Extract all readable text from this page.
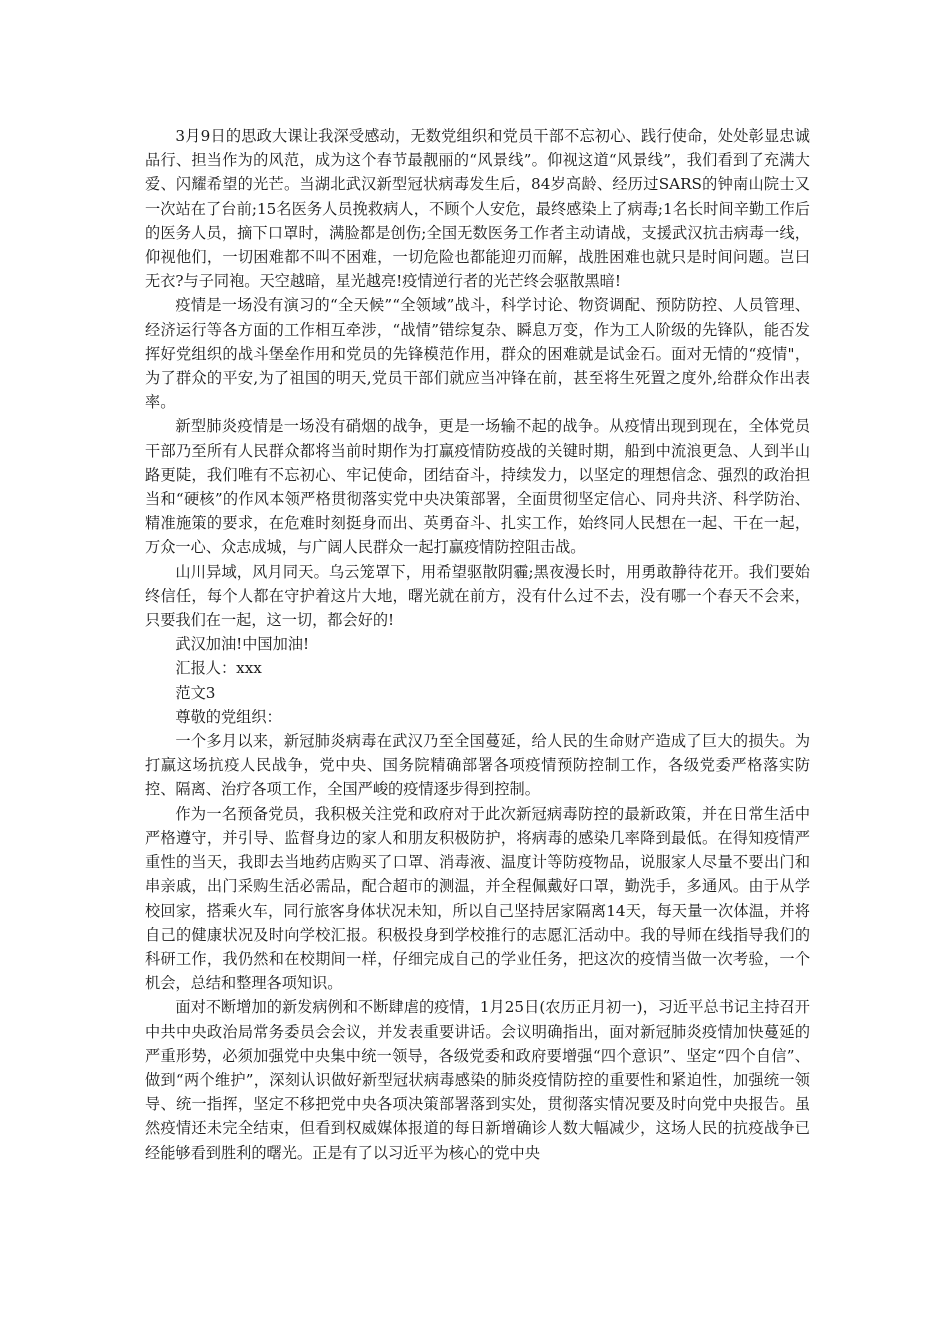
3月9日的思政大课让我深受感动，无数党组织和党员干部不忘初心、践行使命，处处彰显忠诚品行、担当作为的风范，成为这个春节最靓丽的“风景线”。仰视这道“风景线”，我们看到了充满大爱、闪耀希望的光芒。当湖北武汉新型冠状病毒发生后，84岁高龄、经历过SARS的钟南山院士又一次站在了台前;15名医务人员挽救病人，不顾个人安危，最终感染上了病毒;1名长时间辛勤工作后的医务人员，摘下口罩时，满脸都是创伤;全国无数医务工作者主动请战，支援武汉抗击病毒一线，仰视他们，一切困难都不叫不困难，一切危险也都能迎刃而解，战胜困难也就只是时间问题。岂曰无衣?与子同袍。天空越暗，星光越亮!疫情逆行者的光芒终会驱散黑暗!

疫情是一场没有演习的“全天候”“全领域”战斗，科学讨论、物资调配、预防防控、人员管理、经济运行等各方面的工作相互牵涉，“战情”错综复杂、瞬息万变，作为工人阶级的先锋队，能否发挥好党组织的战斗堡垒作用和党员的先锋模范作用，群众的困难就是试金石。面对无情的“疫情"，为了群众的平安,为了祖国的明天,党员干部们就应当冲锋在前，甚至将生死置之度外,给群众作出表率。

新型肺炎疫情是一场没有硝烟的战争，更是一场输不起的战争。从疫情出现到现在，全体党员干部乃至所有人民群众都将当前时期作为打赢疫情防疫战的关键时期，船到中流浪更急、人到半山路更陡，我们唯有不忘初心、牢记使命，团结奋斗，持续发力，以坚定的理想信念、强烈的政治担当和“硬核”的作风本领严格贯彻落实党中央决策部署，全面贯彻坚定信心、同舟共济、科学防治、精准施策的要求，在危难时刻挺身而出、英勇奋斗、扎实工作，始终同人民想在一起、干在一起，万众一心、众志成城，与广阔人民群众一起打赢疫情防控阻击战。

山川异域，风月同天。乌云笼罩下，用希望驱散阴霾;黑夜漫长时，用勇敢静待花开。我们要始终信任，每个人都在守护着这片大地，曙光就在前方，没有什么过不去，没有哪一个春天不会来，只要我们在一起，这一切，都会好的!

武汉加油!中国加油!

汇报人：xxx

范文3

尊敬的党组织：

一个多月以来，新冠肺炎病毒在武汉乃至全国蔓延，给人民的生命财产造成了巨大的损失。为打赢这场抗疫人民战争，党中央、国务院精确部署各项疫情预防控制工作，各级党委严格落实防控、隔离、治疗各项工作，全国严峻的疫情逐步得到控制。

作为一名预备党员，我积极关注党和政府对于此次新冠病毒防控的最新政策，并在日常生活中严格遵守，并引导、监督身边的家人和朋友积极防护，将病毒的感染几率降到最低。在得知疫情严重性的当天，我即去当地药店购买了口罩、消毒液、温度计等防疫物品，说服家人尽量不要出门和串亲戚，出门采购生活必需品，配合超市的测温，并全程佩戴好口罩，勤洗手，多通风。由于从学校回家，搭乘火车，同行旅客身体状况未知，所以自己坚持居家隔离14天，每天量一次体温，并将自己的健康状况及时向学校汇报。积极投身到学校推行的志愿汇活动中。我的导师在线指导我们的科研工作，我仍然和在校期间一样，仔细完成自己的学业任务，把这次的疫情当做一次考验，一个机会，总结和整理各项知识。

面对不断增加的新发病例和不断肆虐的疫情，1月25日(农历正月初一)，习近平总书记主持召开中共中央政治局常务委员会会议，并发表重要讲话。会议明确指出，面对新冠肺炎疫情加快蔓延的严重形势，必须加强党中央集中统一领导，各级党委和政府要增强“四个意识”、坚定“四个自信”、做到“两个维护”，深刻认识做好新型冠状病毒感染的肺炎疫情防控的重要性和紧迫性，加强统一领导、统一指挥，坚定不移把党中央各项决策部署落到实处，贯彻落实情况要及时向党中央报告。虽然疫情还未完全结束，但看到权威媒体报道的每日新增确诊人数大幅减少，这场人民的抗疫战争已经能够看到胜利的曙光。正是有了以习近平为核心的党中央
